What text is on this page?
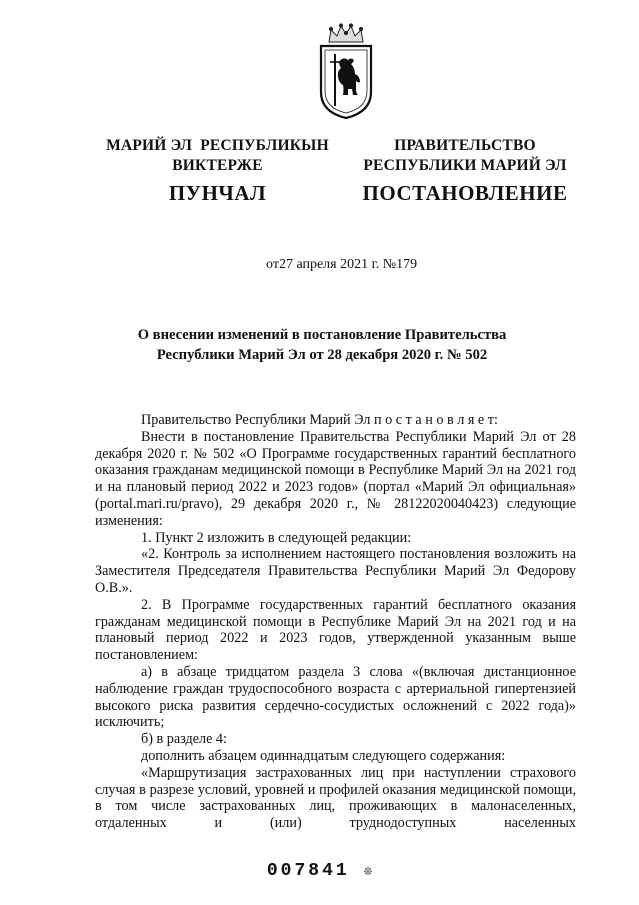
МАРИЙ ЭЛ  РЕСПУБЛИКЫН
ВИКТЕРЖЕ
ПУНЧАЛ
ПРАВИТЕЛЬСТВО
РЕСПУБЛИКИ МАРИЙ ЭЛ
ПОСТАНОВЛЕНИЕ
от27 апреля 2021 г. №179
О внесении изменений в постановление Правительства
Республики Марий Эл от 28 декабря 2020 г. № 502

Правительство Республики Марий Эл п о с т а н о в л я е т:

Внести в постановление Правительства Республики Марий Эл от 28 декабря 2020 г. № 502 «О Программе государственных гарантий бесплатного оказания гражданам медицинской помощи в Республике Марий Эл на 2021 год и на плановый период 2022 и 2023 годов» (портал «Марий Эл официальная» (portal.mari.ru/pravo), 29 декабря 2020 г., № 28122020040423) следующие изменения:

1. Пункт 2 изложить в следующей редакции:

«2. Контроль за исполнением настоящего постановления возложить на Заместителя Председателя Правительства Республики Марий Эл Федорову О.В.».

2. В Программе государственных гарантий бесплатного оказания гражданам медицинской помощи в Республике Марий Эл на 2021 год и на плановый период 2022 и 2023 годов, утвержденной указанным выше постановлением:

а) в абзаце тридцатом раздела 3 слова «(включая дистанционное наблюдение граждан трудоспособного возраста с артериальной гипертензией высокого риска развития сердечно-сосудистых осложнений с 2022 года)» исключить;

б) в разделе 4:

дополнить абзацем одиннадцатым следующего содержания:

«Маршрутизация застрахованных лиц при наступлении страхового случая в разрезе условий, уровней и профилей оказания медицинской помощи, в том числе застрахованных лиц, проживающих в малонаселенных, отдаленных и (или) труднодоступных населенных

007841 ❊
